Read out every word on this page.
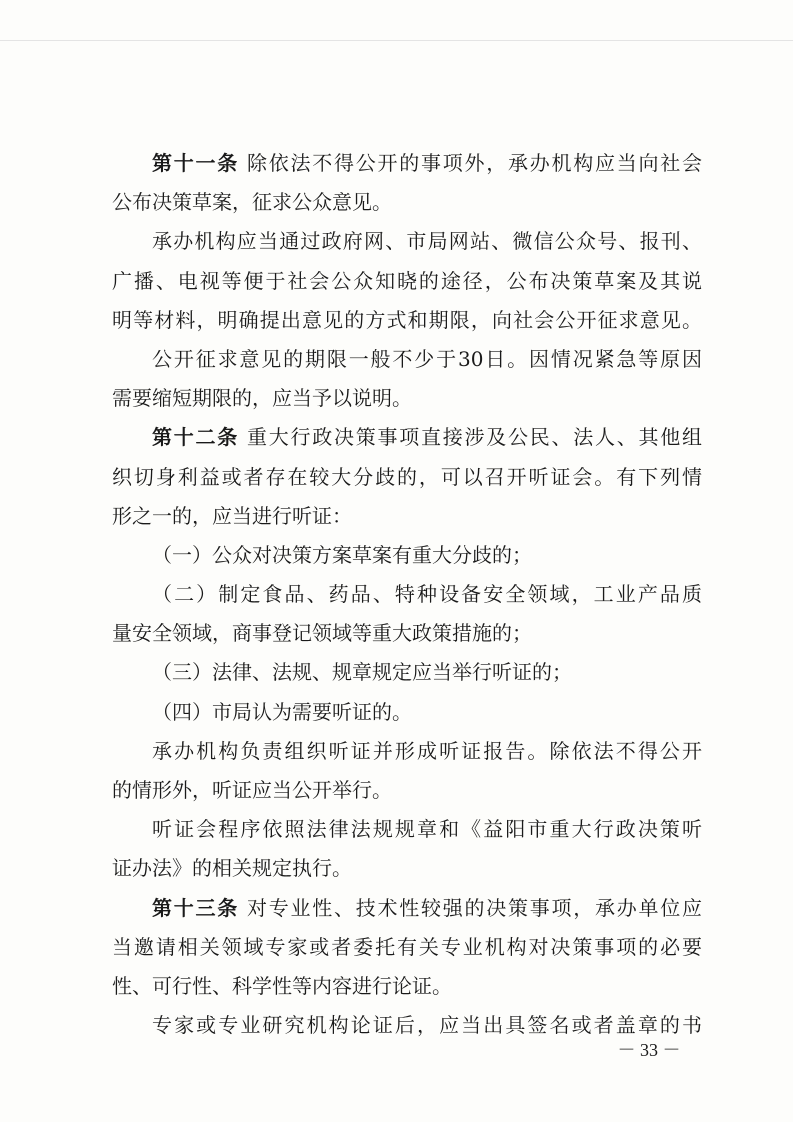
第十一条 除依法不得公开的事项外，承办机构应当向社会
公布决策草案，征求公众意见。
承办机构应当通过政府网、市局网站、微信公众号、报刊、
广播、电视等便于社会公众知晓的途径，公布决策草案及其说
明等材料，明确提出意见的方式和期限，向社会公开征求意见。
公开征求意见的期限一般不少于30日。因情况紧急等原因
需要缩短期限的，应当予以说明。
第十二条 重大行政决策事项直接涉及公民、法人、其他组
织切身利益或者存在较大分歧的，可以召开听证会。有下列情
形之一的，应当进行听证：
（一）公众对决策方案草案有重大分歧的；
（二）制定食品、药品、特种设备安全领域，工业产品质
量安全领域，商事登记领域等重大政策措施的；
（三）法律、法规、规章规定应当举行听证的；
（四）市局认为需要听证的。
承办机构负责组织听证并形成听证报告。除依法不得公开
的情形外，听证应当公开举行。
听证会程序依照法律法规规章和《益阳市重大行政决策听
证办法》的相关规定执行。
第十三条 对专业性、技术性较强的决策事项，承办单位应
当邀请相关领域专家或者委托有关专业机构对决策事项的必要
性、可行性、科学性等内容进行论证。
专家或专业研究机构论证后，应当出具签名或者盖章的书
－ 33 －
